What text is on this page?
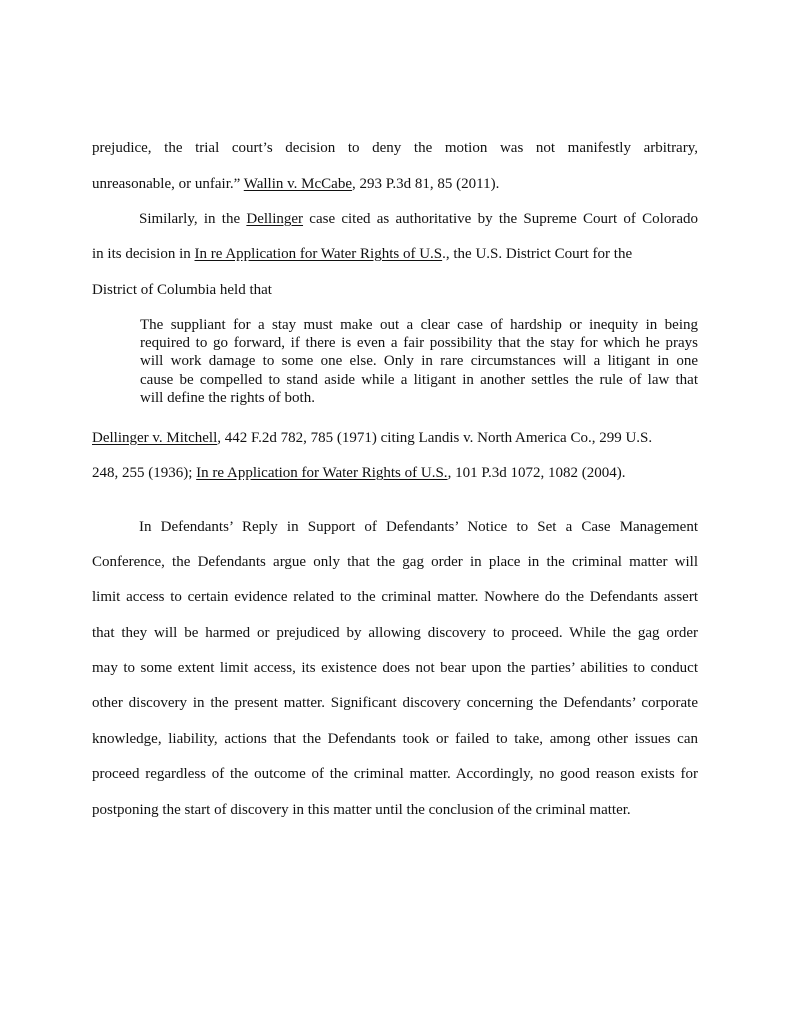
prejudice, the trial court’s decision to deny the motion was not manifestly arbitrary,
unreasonable, or unfair.” Wallin v. McCabe, 293 P.3d 81, 85 (2011).
Similarly, in the Dellinger case cited as authoritative by the Supreme Court of Colorado
in its decision in In re Application for Water Rights of U.S., the U.S. District Court for the
District of Columbia held that
The suppliant for a stay must make out a clear case of hardship or inequity in being
required to go forward, if there is even a fair possibility that the stay for which he prays
will work damage to some one else. Only in rare circumstances will a litigant in one
cause be compelled to stand aside while a litigant in another settles the rule of law that
will define the rights of both.
Dellinger v. Mitchell, 442 F.2d 782, 785 (1971) citing Landis v. North America Co., 299 U.S.
248, 255 (1936); In re Application for Water Rights of U.S., 101 P.3d 1072, 1082 (2004).
In Defendants’ Reply in Support of Defendants’ Notice to Set a Case Management
Conference, the Defendants argue only that the gag order in place in the criminal matter will
limit access to certain evidence related to the criminal matter. Nowhere do the Defendants assert
that they will be harmed or prejudiced by allowing discovery to proceed. While the gag order
may to some extent limit access, its existence does not bear upon the parties’ abilities to conduct
other discovery in the present matter. Significant discovery concerning the Defendants’ corporate
knowledge, liability, actions that the Defendants took or failed to take, among other issues can
proceed regardless of the outcome of the criminal matter. Accordingly, no good reason exists for
postponing the start of discovery in this matter until the conclusion of the criminal matter.
